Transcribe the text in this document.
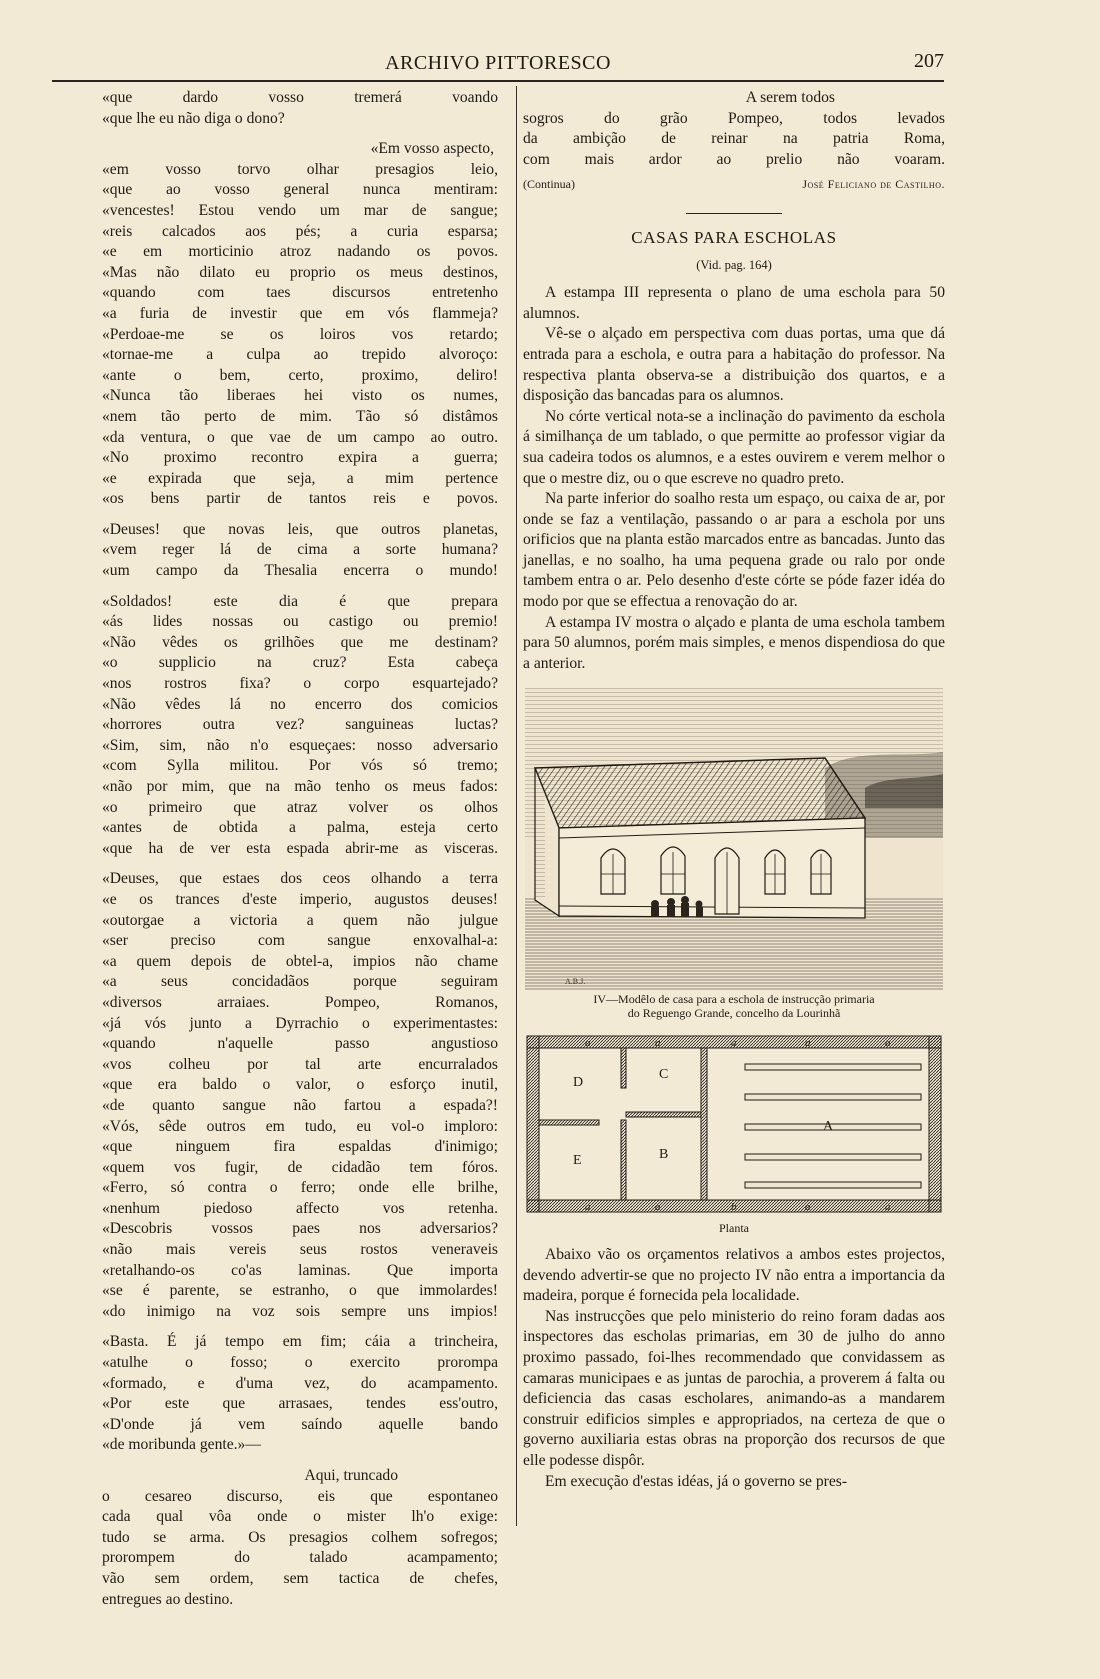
ARCHIVO PITTORESCO	207
«que dardo vosso tremerá voando
«que lhe eu não diga o dono?
«Em vosso aspecto,
«em vosso torvo olhar presagios leio,
«que ao vosso general nunca mentiram:
«vencestes! Estou vendo um mar de sangue;
«reis calcados aos pés; a curia esparsa;
«e em morticinio atroz nadando os povos.
«Mas não dilato eu proprio os meus destinos,
«quando com taes discursos entretenho
«a furia de investir que em vós flammeja?
«Perdoae-me se os loiros vos retardo;
«tornae-me a culpa ao trepido alvoroço:
«ante o bem, certo, proximo, deliro!
«Nunca tão liberaes hei visto os numes,
«nem tão perto de mim. Tão só distâmos
«da ventura, o que vae de um campo ao outro.
«No proximo recontro expira a guerra;
«e expirada que seja, a mim pertence
«os bens partir de tantos reis e povos.
«Deuses! que novas leis, que outros planetas,
«vem reger lá de cima a sorte humana?
«um campo da Thesalia encerra o mundo!
«Soldados! este dia é que prepara
«ás lides nossas ou castigo ou premio!
«Não vêdes os grilhões que me destinam?
«o supplicio na cruz? Esta cabeça
«nos rostros fixa? o corpo esquartejado?
«Não vêdes lá no encerro dos comicios
«horrores outra vez? sanguineas luctas?
«Sim, sim, não n'o esqueçaes: nosso adversario
«com Sylla militou. Por vós só tremo;
«não por mim, que na mão tenho os meus fados:
«o primeiro que atraz volver os olhos
«antes de obtida a palma, esteja certo
«que ha de ver esta espada abrir-me as visceras.
«Deuses, que estaes dos ceos olhando a terra
«e os trances d'este imperio, augustos deuses!
«outorgae a victoria a quem não julgue
«ser preciso com sangue enxovalhal-a:
«a quem depois de obtel-a, impios não chame
«a seus concidadãos porque seguiram
«diversos arraiaes. Pompeo, Romanos,
«já vós junto a Dyrrachio o experimentastes:
«quando n'aquelle passo angustioso
«vos colheu por tal arte encurralados
«que era baldo o valor, o esforço inutil,
«de quanto sangue não fartou a espada?!
«Vós, sêde outros em tudo, eu vol-o imploro:
«que ninguem fira espaldas d'inimigo;
«quem vos fugir, de cidadão tem fóros.
«Ferro, só contra o ferro; onde elle brilhe,
«nenhum piedoso affecto vos retenha.
«Descobris vossos paes nos adversarios?
«não mais vereis seus rostos veneraveis
«retalhando-os co'as laminas. Que importa
«se é parente, se estranho, o que immolardes!
«do inimigo na voz sois sempre uns impios!
«Basta. É já tempo em fim; cáia a trincheira,
«atulhe o fosso; o exercito prorompa
«formado, e d'uma vez, do acampamento.
«Por este que arrasaes, tendes ess'outro,
«D'onde já vem saíndo aquelle bando
«de moribunda gente.»—
Aqui, truncado
o cesareo discurso, eis que espontaneo
cada qual vôa onde o mister lh'o exige:
tudo se arma. Os presagios colhem sofregos;
prorompem do talado acampamento;
vão sem ordem, sem tactica de chefes,
entregues ao destino.
A serem todos
sogros do grão Pompeo, todos levados
da ambição de reinar na patria Roma,
com mais ardor ao prelio não voaram.
(Continua)	José Feliciano de Castilho.
CASAS PARA ESCHOLAS
(Vid. pag. 164)

A estampa III representa o plano de uma eschola para 50 alumnos.

Vê-se o alçado em perspectiva com duas portas, uma que dá entrada para a eschola, e outra para a habitação do professor. Na respectiva planta observa-se a distribuição dos quartos, e a disposição das bancadas para os alumnos.

No córte vertical nota-se a inclinação do pavimento da eschola á similhança de um tablado, o que permitte ao professor vigiar da sua cadeira todos os alumnos, e a estes ouvirem e verem melhor o que o mestre diz, ou o que escreve no quadro preto.

Na parte inferior do soalho resta um espaço, ou caixa de ar, por onde se faz a ventilação, passando o ar para a eschola por uns orificios que na planta estão marcados entre as bancadas. Junto das janellas, e no soalho, ha uma pequena grade ou ralo por onde tambem entra o ar. Pelo desenho d'este córte se póde fazer idéa do modo por que se effectua a renovação do ar.

A estampa IV mostra o alçado e planta de uma eschola tambem para 50 alumnos, porém mais simples, e menos dispendiosa do que a anterior.

A.B.J.
IV—Modêlo de casa para a eschola de instrucção primaria
do Reguengo Grande, concelho da Lourinhã
D
C
A
E	B
a	a	a	a	a
a	a	b	a	a
Planta

Abaixo vão os orçamentos relativos a ambos estes projectos, devendo advertir-se que no projecto IV não entra a importancia da madeira, porque é fornecida pela localidade.

Nas instrucções que pelo ministerio do reino foram dadas aos inspectores das escholas primarias, em 30 de julho do anno proximo passado, foi-lhes recommendado que convidassem as camaras municipaes e as juntas de parochia, a proverem á falta ou deficiencia das casas escholares, animando-as a mandarem construir edificios simples e appropriados, na certeza de que o governo auxiliaria estas obras na proporção dos recursos de que elle podesse dispôr.

Em execução d'estas idéas, já o governo se pres-
